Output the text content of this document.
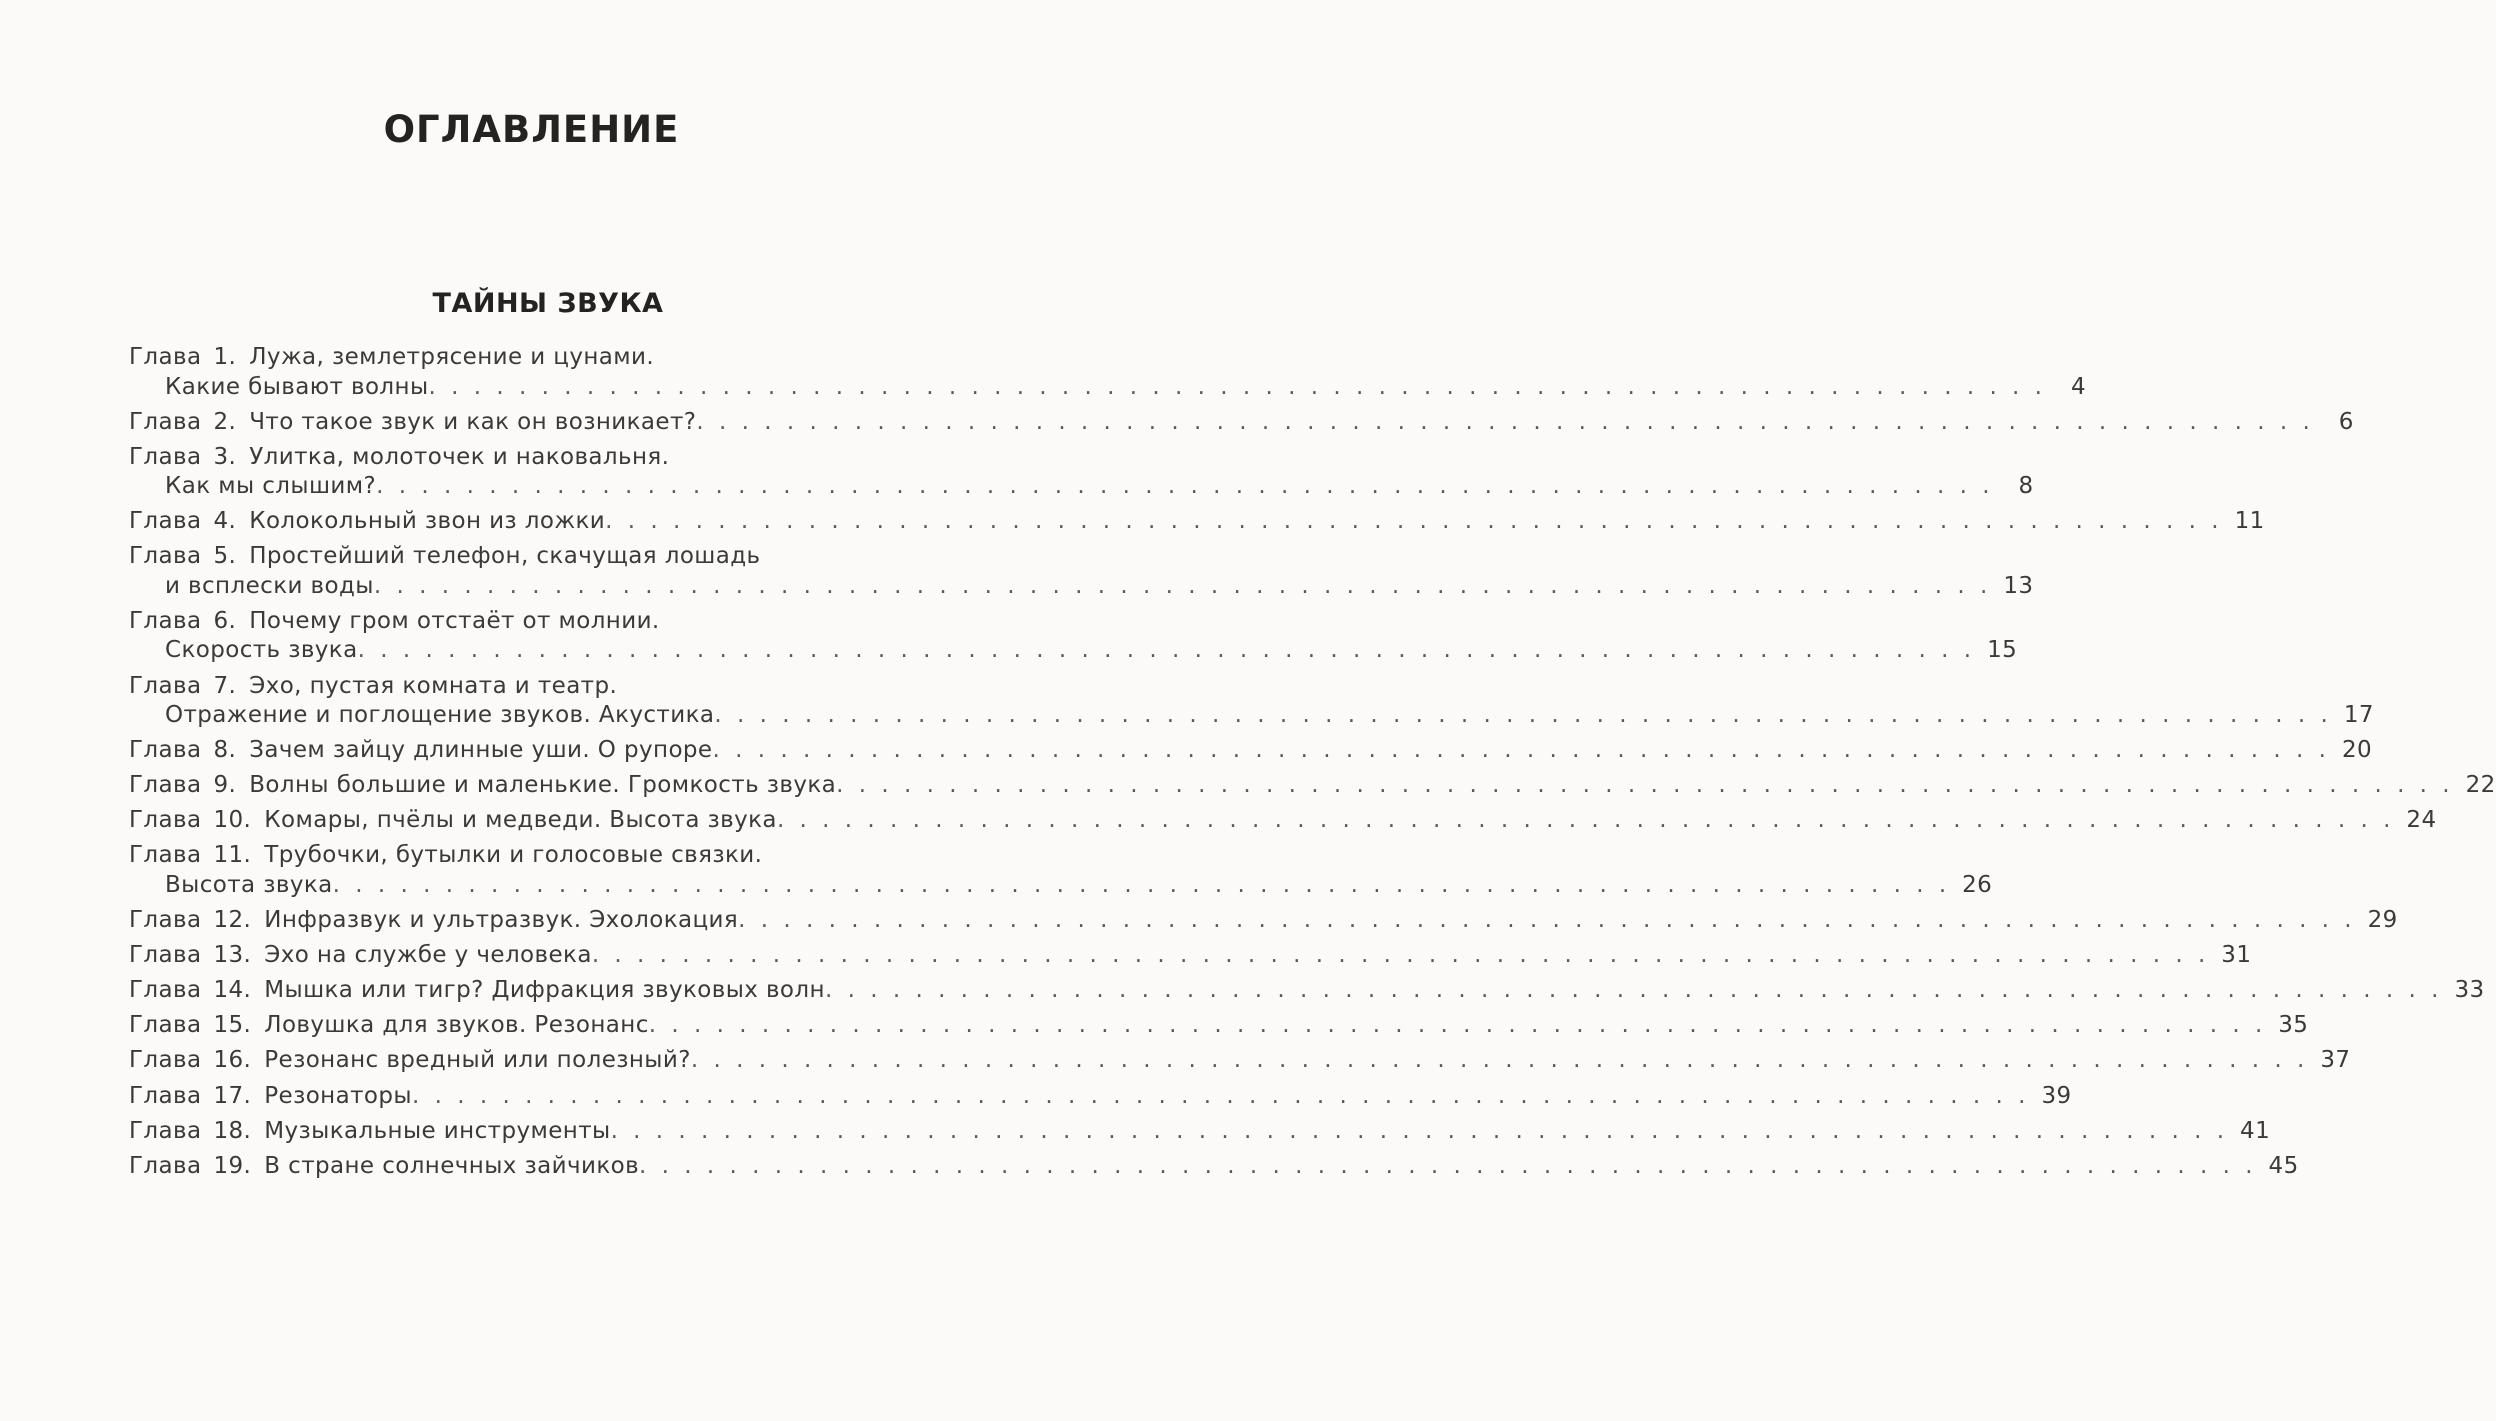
ОГЛАВЛЕНИЕ
ТАЙНЫ ЗВУКА
Глава 1. Лужа, землетрясение и цунами.
Какие бывают волны . . . . . . . . . . . . . . . . . . . . . . . . . . . . . . . . . . . . . . . . . . . . . . . . . . . . . . . . . . . . . . . . . . . . . . . .	4
Глава 2. Что такое звук и как он возникает? . . . . . . . . . . . . . . . . . . . . . . . . . . . . . . . . . . . . . . . . . . . . . . . . . . . . . . . . . . . . . . . . . . . . . . . .	6
Глава 3. Улитка, молоточек и наковальня.
Как мы слышим? . . . . . . . . . . . . . . . . . . . . . . . . . . . . . . . . . . . . . . . . . . . . . . . . . . . . . . . . . . . . . . . . . . . . . . . .	8
Глава 4. Колокольный звон из ложки . . . . . . . . . . . . . . . . . . . . . . . . . . . . . . . . . . . . . . . . . . . . . . . . . . . . . . . . . . . . . . . . . . . . . . . . 11
Глава 5. Простейший телефон, скачущая лошадь
и всплески воды . . . . . . . . . . . . . . . . . . . . . . . . . . . . . . . . . . . . . . . . . . . . . . . . . . . . . . . . . . . . . . . . . . . . . . . . 13
Глава 6. Почему гром отстаёт от молнии.
Скорость звука . . . . . . . . . . . . . . . . . . . . . . . . . . . . . . . . . . . . . . . . . . . . . . . . . . . . . . . . . . . . . . . . . . . . . . . . 15
Глава 7. Эхо, пустая комната и театр.
Отражение и поглощение звуков. Акустика . . . . . . . . . . . . . . . . . . . . . . . . . . . . . . . . . . . . . . . . . . . . . . . . . . . . . . . . . . . . . . . . . . . . . . . . 17
Глава 8. Зачем зайцу длинные уши. О рупоре . . . . . . . . . . . . . . . . . . . . . . . . . . . . . . . . . . . . . . . . . . . . . . . . . . . . . . . . . . . . . . . . . . . . . . . . 20
Глава 9. Волны большие и маленькие. Громкость звука . . . . . . . . . . . . . . . . . . . . . . . . . . . . . . . . . . . . . . . . . . . . . . . . . . . . . . . . . . . . . . . . . . . . . . . . 22
Глава 10. Комары, пчёлы и медведи. Высота звука . . . . . . . . . . . . . . . . . . . . . . . . . . . . . . . . . . . . . . . . . . . . . . . . . . . . . . . . . . . . . . . . . . . . . . . . 24
Глава 11. Трубочки, бутылки и голосовые связки.
Высота звука . . . . . . . . . . . . . . . . . . . . . . . . . . . . . . . . . . . . . . . . . . . . . . . . . . . . . . . . . . . . . . . . . . . . . . . . 26
Глава 12. Инфразвук и ультразвук. Эхолокация . . . . . . . . . . . . . . . . . . . . . . . . . . . . . . . . . . . . . . . . . . . . . . . . . . . . . . . . . . . . . . . . . . . . . . . . 29
Глава 13. Эхо на службе у человека . . . . . . . . . . . . . . . . . . . . . . . . . . . . . . . . . . . . . . . . . . . . . . . . . . . . . . . . . . . . . . . . . . . . . . . . 31
Глава 14. Мышка или тигр? Дифракция звуковых волн . . . . . . . . . . . . . . . . . . . . . . . . . . . . . . . . . . . . . . . . . . . . . . . . . . . . . . . . . . . . . . . . . . . . . . . . 33
Глава 15. Ловушка для звуков. Резонанс . . . . . . . . . . . . . . . . . . . . . . . . . . . . . . . . . . . . . . . . . . . . . . . . . . . . . . . . . . . . . . . . . . . . . . . . 35
Глава 16. Резонанс вредный или полезный? . . . . . . . . . . . . . . . . . . . . . . . . . . . . . . . . . . . . . . . . . . . . . . . . . . . . . . . . . . . . . . . . . . . . . . . . 37
Глава 17. Резонаторы . . . . . . . . . . . . . . . . . . . . . . . . . . . . . . . . . . . . . . . . . . . . . . . . . . . . . . . . . . . . . . . . . . . . . . . . 39
Глава 18. Музыкальные инструменты . . . . . . . . . . . . . . . . . . . . . . . . . . . . . . . . . . . . . . . . . . . . . . . . . . . . . . . . . . . . . . . . . . . . . . . . 41
Глава 19. В стране солнечных зайчиков . . . . . . . . . . . . . . . . . . . . . . . . . . . . . . . . . . . . . . . . . . . . . . . . . . . . . . . . . . . . . . . . . . . . . . . . 45
